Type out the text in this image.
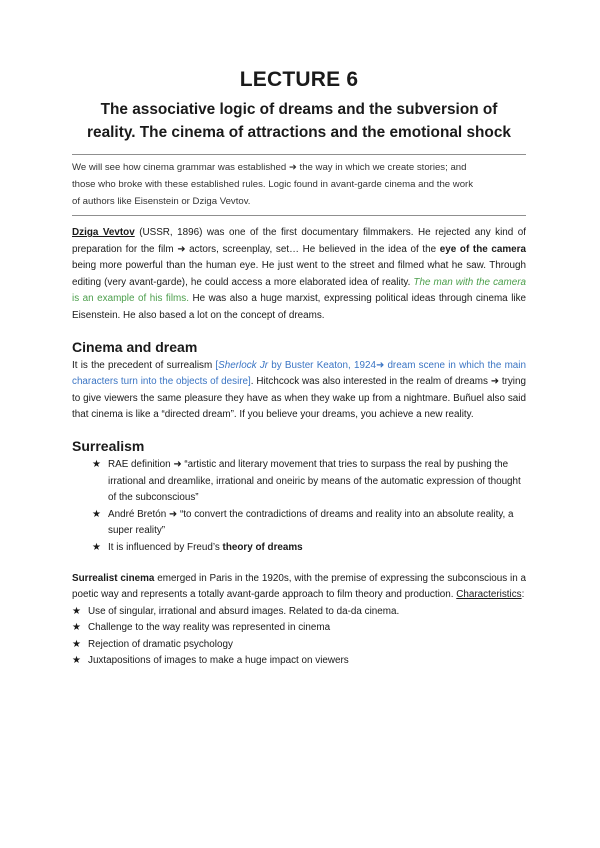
LECTURE 6
The associative logic of dreams and the subversion of
reality. The cinema of attractions and the emotional shock
We will see how cinema grammar was established ➜ the way in which we create stories; and
those who broke with these established rules. Logic found in avant-garde cinema and the work
of authors like Eisenstein or Dziga Vevtov.

Dziga Vevtov (USSR, 1896) was one of the first documentary filmmakers. He rejected any kind of preparation for the film ➜ actors, screenplay, set… He believed in the idea of the eye of the camera being more powerful than the human eye. He just went to the street and filmed what he saw. Through editing (very avant-garde), he could access a more elaborated idea of reality. The man with the camera is an example of his films. He was also a huge marxist, expressing political ideas through cinema like Eisenstein. He also based a lot on the concept of dreams.

Cinema and dream

It is the precedent of surrealism [Sherlock Jr by Buster Keaton, 1924➜ dream scene in which the main characters turn into the objects of desire]. Hitchcock was also interested in the realm of dreams ➜ trying to give viewers the same pleasure they have as when they wake up from a nightmare. Buñuel also said that cinema is like a “directed dream”. If you believe your dreams, you achieve a new reality.

Surrealism
★ RAE definition ➜ “artistic and literary movement that tries to surpass the real by pushing the irrational and dreamlike, irrational and oneiric by means of the automatic expression of thought of the subconscious”
★ André Bretón ➜ “to convert the contradictions of dreams and reality into an absolute reality, a super reality”
★ It is influenced by Freud’s theory of dreams

Surrealist cinema emerged in Paris in the 1920s, with the premise of expressing the subconscious in a poetic way and represents a totally avant-garde approach to film theory and production. Characteristics:

★ Use of singular, irrational and absurd images. Related to da-da cinema.
★ Challenge to the way reality was represented in cinema
★ Rejection of dramatic psychology
★ Juxtapositions of images to make a huge impact on viewers
